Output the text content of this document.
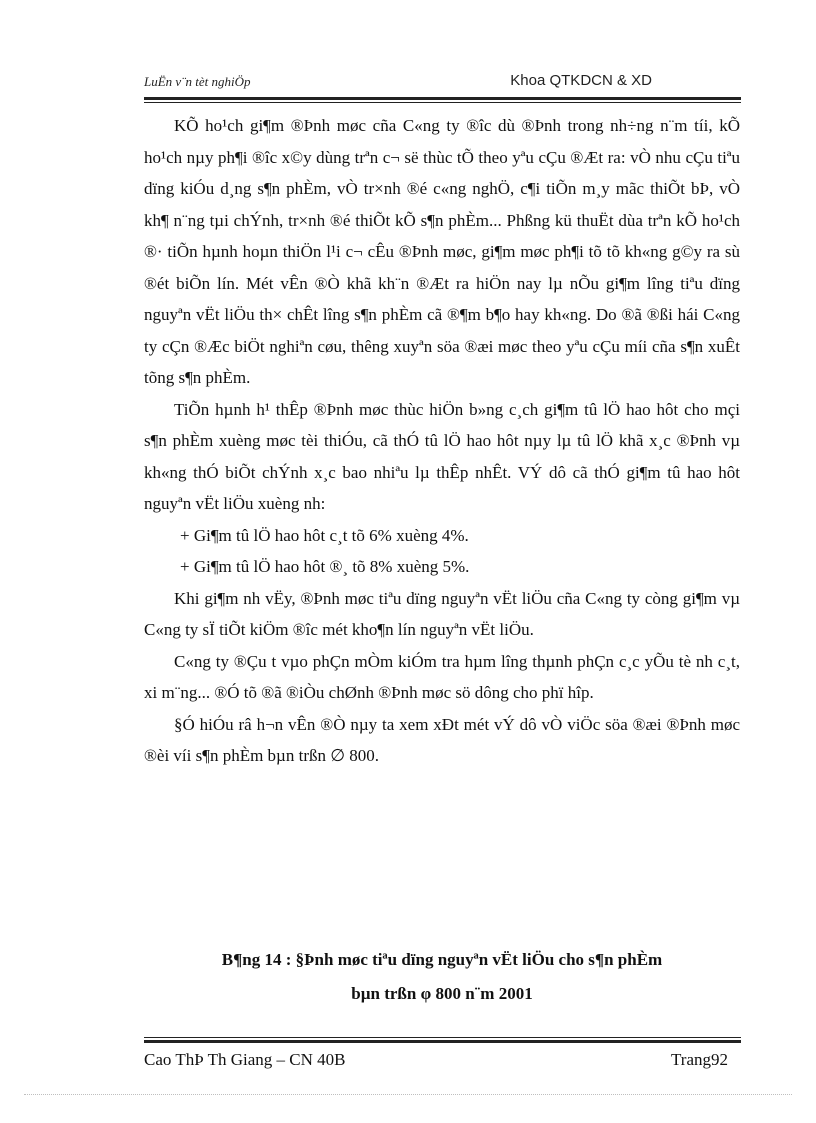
LuËn v¨n tèt nghiÖp	Khoa QTKDCN & XD

KÕ ho¹ch gi¶m ®Þnh møc cña C«ng ty ®îc dù ®Þnh trong nh÷ng n¨m tíi, kÕ ho¹ch nµy ph¶i ®îc x©y dùng trªn c¬ së thùc tÕ theo yªu cÇu ®Æt ra: vÒ nhu cÇu tiªu dïng kiÓu d¸ng s¶n phÈm, vÒ tr×nh ®é c«ng nghÖ, c¶i tiÕn m¸y mãc thiÕt bÞ, vÒ kh¶ n¨ng tµi chÝnh, tr×nh ®é thiÕt kÕ s¶n phÈm... Phßng kü thuËt dùa trªn kÕ ho¹ch ®· tiÕn hµnh hoµn thiÖn l¹i c¬ cÊu ®Þnh møc, gi¶m møc ph¶i tõ tõ kh«ng g©y ra sù ®ét biÕn lín. Mét vÊn ®Ò khã kh¨n ®Æt ra hiÖn nay lµ nÕu gi¶m lîng tiªu dïng nguyªn vËt liÖu th× chÊt lîng s¶n phÈm cã ®¶m b¶o hay kh«ng. Do ®ã ®ßi hái C«ng ty cÇn ®Æc biÖt nghiªn cøu, thêng xuyªn söa ®æi møc theo yªu cÇu míi cña s¶n xuÊt tõng s¶n phÈm.

TiÕn hµnh h¹ thÊp ®Þnh møc thùc hiÖn b»ng c¸ch gi¶m tû lÖ hao hôt cho mçi s¶n phÈm xuèng møc tèi thiÓu, cã thÓ tû lÖ hao hôt nµy lµ tû lÖ khã x¸c ®Þnh vµ kh«ng thÓ biÕt chÝnh x¸c bao nhiªu lµ thÊp nhÊt. VÝ dô cã thÓ gi¶m tû hao hôt nguyªn vËt liÖu xuèng nh:

+ Gi¶m tû lÖ hao hôt c¸t tõ 6% xuèng 4%.

+ Gi¶m tû lÖ hao hôt ®¸ tõ 8% xuèng 5%.

Khi gi¶m nh vËy, ®Þnh møc tiªu dïng nguyªn vËt liÖu cña C«ng ty còng gi¶m vµ C«ng ty sÏ tiÕt kiÖm ®îc mét kho¶n lín nguyªn vËt liÖu.

C«ng ty ®Çu t vµo phÇn mÒm kiÓm tra hµm lîng thµnh phÇn c¸c yÕu tè nh c¸t, xi m¨ng... ®Ó tõ ®ã ®iÒu chØnh ®Þnh møc sö dông cho phï hîp.

§Ó hiÓu râ h¬n vÊn ®Ò nµy ta xem xÐt mét vÝ dô vÒ viÖc söa ®æi ®Þnh møc ®èi víi s¶n phÈm bµn trßn ∅ 800.

B¶ng 14 : §Þnh møc tiªu dïng nguyªn vËt liÖu cho s¶n phÈm
bµn trßn φ 800 n¨m 2001
Cao ThÞ Th Giang – CN 40B	Trang92
